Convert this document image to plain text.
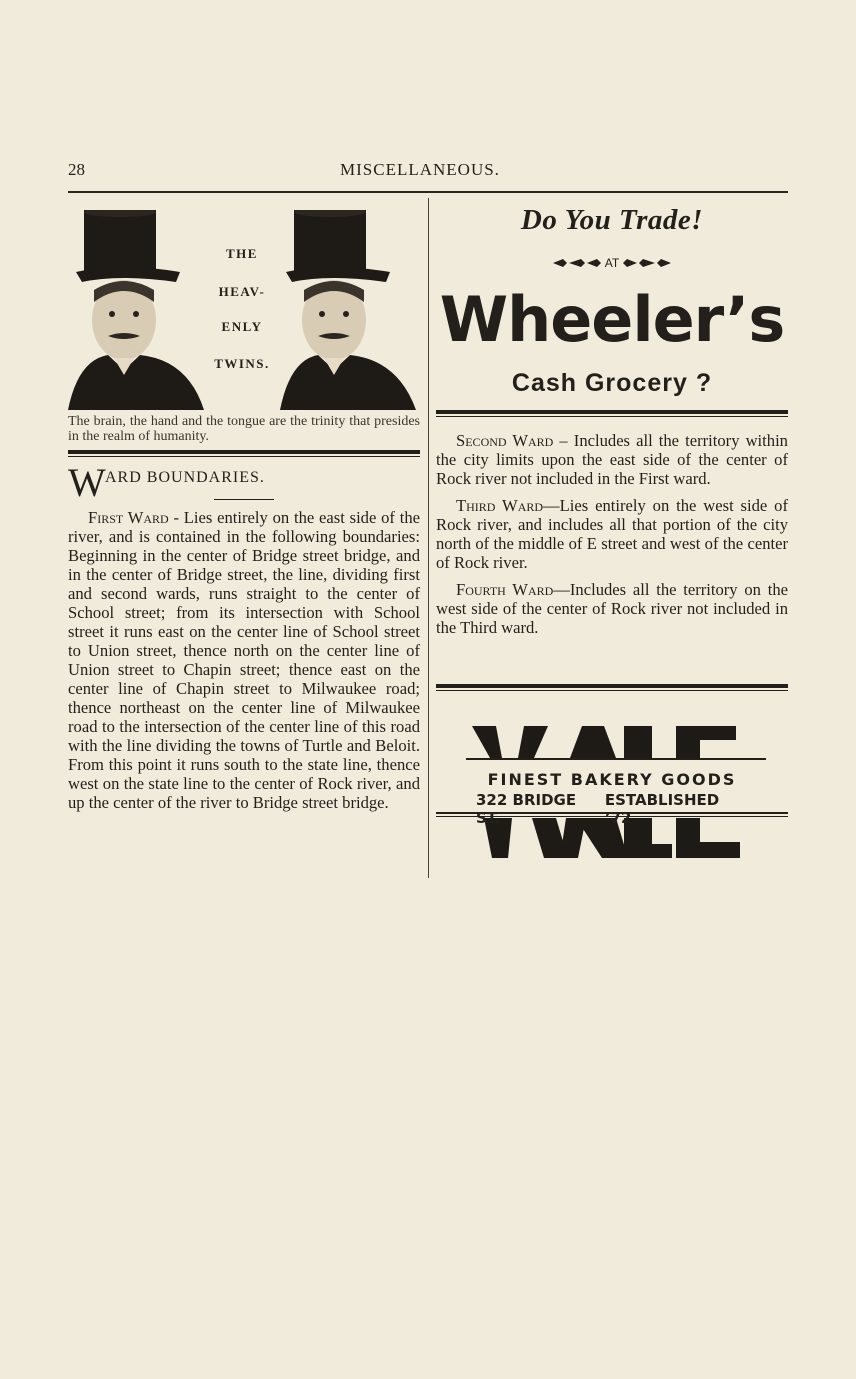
28	MISCELLANEOUS.
THE
HEAV-
ENLY
TWINS.
The brain, the hand and the tongue are the trinity that presides in the realm of humanity.
W ARD BOUNDARIES.

First Ward - Lies entirely on the east side of the river, and is contained in the following boundaries: Beginning in the center of Bridge street bridge, and in the center of Bridge street, the line, dividing first and second wards, runs straight to the center of School street; from its intersection with School street it runs east on the center line of School street to Union street, thence north on the center line of Union street to Chapin street; thence east on the center line of Chapin street to Milwaukee road; thence northeast on the center line of Milwaukee road to the intersection of the center line of this road with the line dividing the towns of Turtle and Beloit. From this point it runs south to the state line, thence west on the state line to the center of Rock river, and up the center of the river to Bridge street bridge.

Do You Trade!
AT
Wheeler’s
Cash Grocery ?

Second Ward – Includes all the territory within the city limits upon the east side of the center of Rock river not included in the First ward.

Third Ward—Lies entirely on the west side of Rock river, and includes all that portion of the city north of the middle of E street and west of the center of Rock river.

Fourth Ward—Includes all the territory on the west side of the center of Rock river not included in the Third ward.

FINEST BAKERY GOODS
322 BRIDGE ST.
ESTABLISHED ’72
